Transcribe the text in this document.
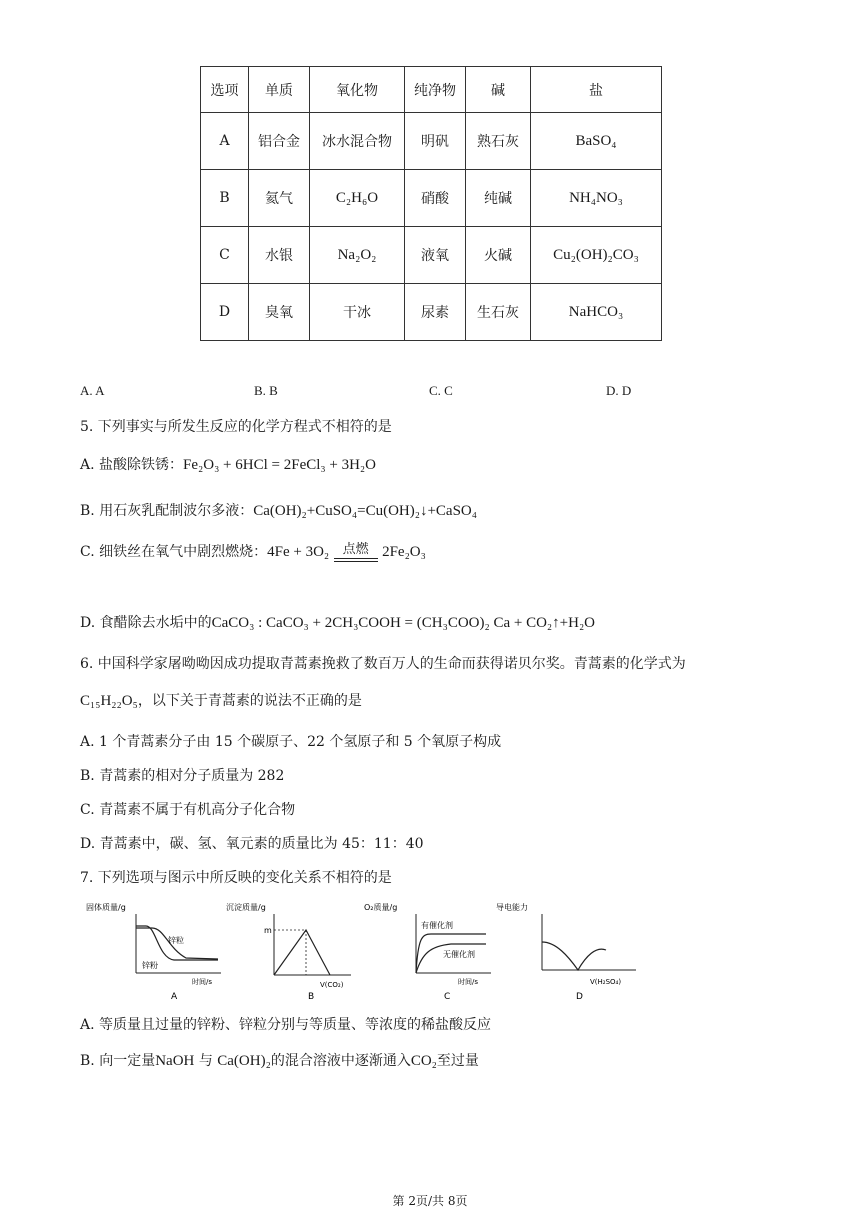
选项	单质	氧化物	纯净物	碱	盐
A	铝合金	冰水混合物	明矾	熟石灰	BaSO₄
B	氦气	C₂H₆O	硝酸	纯碱	NH₄NO₃
C	水银	Na₂O₂	液氧	火碱	Cu₂(OH)₂CO₃
D	臭氧	干冰	尿素	生石灰	NaHCO₃
A. A	B. B	C. C	D. D
5. 下列事实与所发生反应的化学方程式不相符的是
A. 盐酸除铁锈：Fe₂O₃ + 6HCl = 2FeCl₃ + 3H₂O
B. 用石灰乳配制波尔多液：Ca(OH)₂+CuSO₄=Cu(OH)₂↓+CaSO₄
C. 细铁丝在氧气中剧烈燃烧：4Fe + 3O₂	点燃 2Fe₂O₃
D. 食醋除去水垢中的CaCO₃ : CaCO₃ + 2CH₃COOH = (CH₃COO)₂ Ca + CO₂↑+H₂O
6. 中国科学家屠呦呦因成功提取青蒿素挽救了数百万人的生命而获得诺贝尔奖。青蒿素的化学式为
C₁₅H₂₂O₅，以下关于青蒿素的说法不正确的是
A. 1 个青蒿素分子由 15 个碳原子、22 个氢原子和 5 个氧原子构成
B. 青蒿素的相对分子质量为 282
C. 青蒿素不属于有机高分子化合物
D. 青蒿素中，碳、氢、氧元素的质量比为 45：11：40
7. 下列选项与图示中所反映的变化关系不相符的是
固体质量/g
锌粒
锌粉
时间/s
A
沉淀质量/g
m
V(CO₂)
B
O₂质量/g
有催化剂
无催化剂
时间/s
C
导电能力
V(H₂SO₄)
D
A. 等质量且过量的锌粉、锌粒分别与等质量、等浓度的稀盐酸反应
B. 向一定量NaOH 与 Ca(OH)₂的混合溶液中逐渐通入CO₂至过量
第 2页/共 8页
